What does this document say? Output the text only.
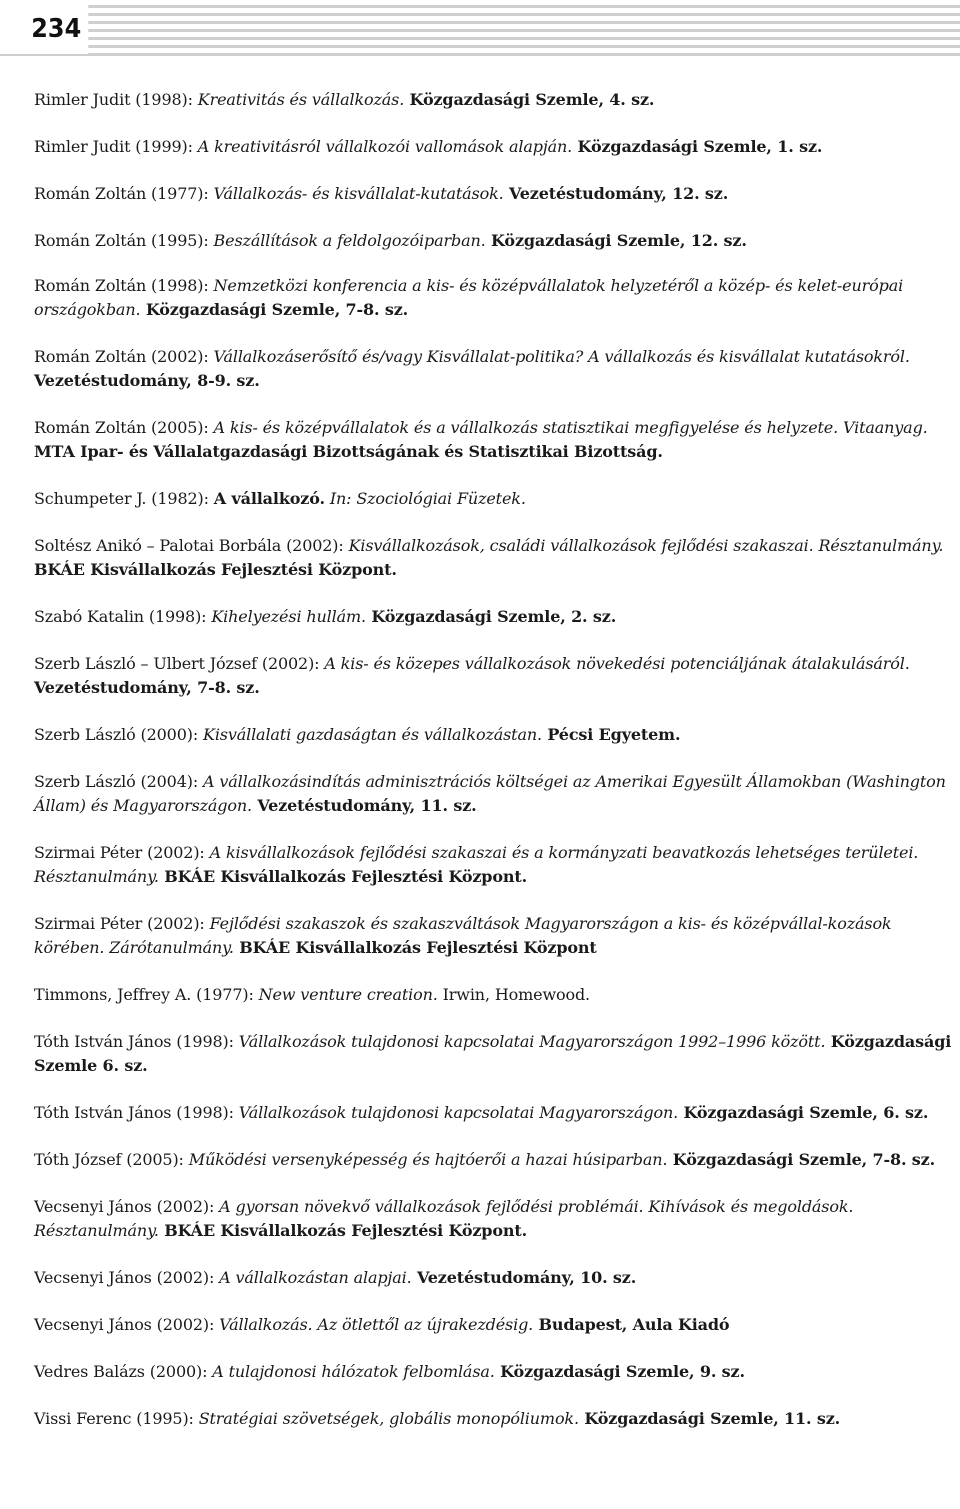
234

Rimler Judit (1998): Kreativitás és vállalkozás. Közgazdasági Szemle, 4. sz.

Rimler Judit (1999): A kreativitásról vállalkozói vallomások alapján. Közgazdasági Szemle, 1. sz.

Román Zoltán (1977): Vállalkozás- és kisvállalat-kutatások. Vezetéstudomány, 12. sz.

Román Zoltán (1995): Beszállítások a feldolgozóiparban. Közgazdasági Szemle, 12. sz.

Román Zoltán (1998): Nemzetközi konferencia a kis- és középvállalatok helyzetéről a közép- és kelet-európai országokban. Közgazdasági Szemle, 7-8. sz.

Román Zoltán (2002): Vállalkozáserősítő és/vagy Kisvállalat-politika? A vállalkozás és kisvállalat kutatásokról. Vezetéstudomány, 8-9. sz.

Román Zoltán (2005): A kis- és középvállalatok és a vállalkozás statisztikai megfigyelése és helyzete. Vitaanyag. MTA Ipar- és Vállalatgazdasági Bizottságának és Statisztikai Bizottság.

Schumpeter J. (1982): A vállalkozó. In: Szociológiai Füzetek.

Soltész Anikó – Palotai Borbála (2002): Kisvállalkozások, családi vállalkozások fejlődési szakaszai. Résztanulmány. BKÁE Kisvállalkozás Fejlesztési Központ.

Szabó Katalin (1998): Kihelyezési hullám. Közgazdasági Szemle, 2. sz.

Szerb László – Ulbert József (2002): A kis- és közepes vállalkozások növekedési potenciáljának átalakulásáról. Vezetéstudomány, 7-8. sz.

Szerb László (2000): Kisvállalati gazdaságtan és vállalkozástan. Pécsi Egyetem.

Szerb László (2004): A vállalkozásindítás adminisztrációs költségei az Amerikai Egyesült Államokban (Washington Állam) és Magyarországon. Vezetéstudomány, 11. sz.

Szirmai Péter (2002): A kisvállalkozások fejlődési szakaszai és a kormányzati beavatkozás lehetséges területei. Résztanulmány. BKÁE Kisvállalkozás Fejlesztési Központ.

Szirmai Péter (2002): Fejlődési szakaszok és szakaszváltások Magyarországon a kis- és középvállal-kozások körében. Zárótanulmány. BKÁE Kisvállalkozás Fejlesztési Központ

Timmons, Jeffrey A. (1977): New venture creation. Irwin, Homewood.

Tóth István János (1998): Vállalkozások tulajdonosi kapcsolatai Magyarországon 1992–1996 között. Közgazdasági Szemle 6. sz.

Tóth István János (1998): Vállalkozások tulajdonosi kapcsolatai Magyarországon. Közgazdasági Szemle, 6. sz.

Tóth József (2005): Működési versenyképesség és hajtóerői a hazai húsiparban. Közgazdasági Szemle, 7-8. sz.

Vecsenyi János (2002): A gyorsan növekvő vállalkozások fejlődési problémái. Kihívások és megoldások. Résztanulmány. BKÁE Kisvállalkozás Fejlesztési Központ.

Vecsenyi János (2002): A vállalkozástan alapjai. Vezetéstudomány, 10. sz.

Vecsenyi János (2002): Vállalkozás. Az ötlettől az újrakezdésig. Budapest, Aula Kiadó

Vedres Balázs (2000): A tulajdonosi hálózatok felbomlása. Közgazdasági Szemle, 9. sz.

Vissi Ferenc (1995): Stratégiai szövetségek, globális monopóliumok. Közgazdasági Szemle, 11. sz.
